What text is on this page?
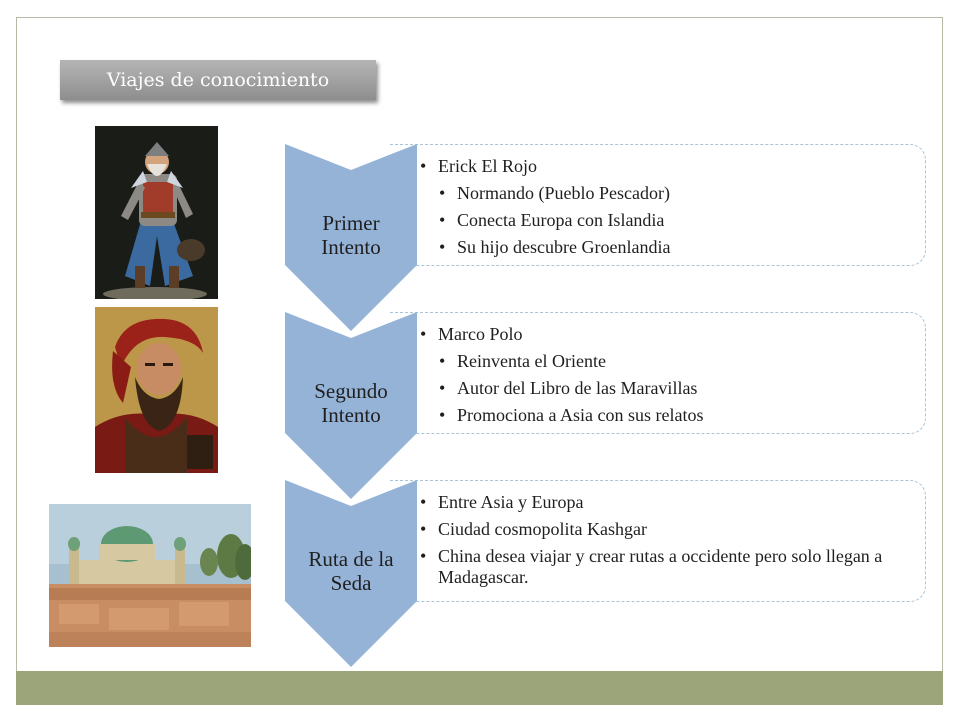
Viajes de conocimiento
• Erick El Rojo
• Normando (Pueblo Pescador)
• Conecta Europa con Islandia
• Su hijo descubre Groenlandia
Primer
Intento
• Marco Polo
• Reinventa el Oriente
• Autor del Libro de las Maravillas
• Promociona a Asia con sus relatos
Segundo
Intento
• Entre Asia y Europa
• Ciudad cosmopolita Kashgar
• China desea viajar y crear rutas a occidente pero solo llegan a Madagascar.
Ruta de la
Seda
